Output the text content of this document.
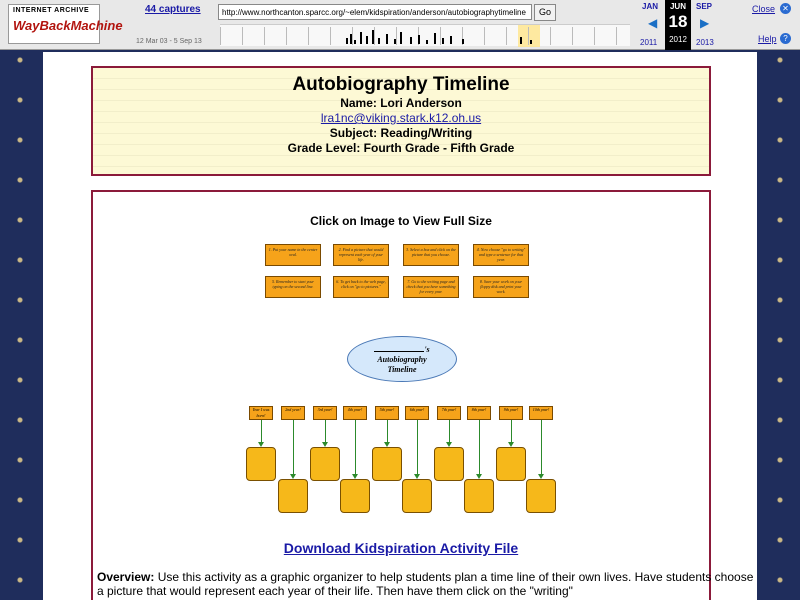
INTERNET ARCHIVE
WayBackMachine
44 captures
12 Mar 03 - 5 Sep 13
http://www.northcanton.sparcc.org/~elem/kidspiration/anderson/autobiographytimeline	Go
JAN
◀
JUN
18
2012
SEP
▶
2011	2013
Close ✕
Help ?
Autobiography Timeline
Name: Lori Anderson
lra1nc@viking.stark.k12.oh.us
Subject: Reading/Writing
Grade Level: Fourth Grade - Fifth Grade
Click on Image to View Full Size
1. Put your name in the center oval.
2. Find a picture that would represent each year of your life.
3. Select a box and click on the picture that you choose.
4. Now choose "go to writing" and type a sentence for that year.
5. Remember to start your typing on the second line.
6. To get back to the web page, click on "go to pictures."
7. Go to the writing page and check that you have something for every year.
8. Save your work on your floppy disk and print your work.
's
Autobiography
Timeline
Download Kidspiration Activity File
Year I was born!
2nd year!	3rd year!	4th year!	5th year!	6th year!	7th year!	8th year!	9th year!	10th year!
Overview: Use this activity as a graphic organizer to help students plan a time line of their own lives. Have students choose a picture that would represent each year of their life. Then have them click on the "writing"
